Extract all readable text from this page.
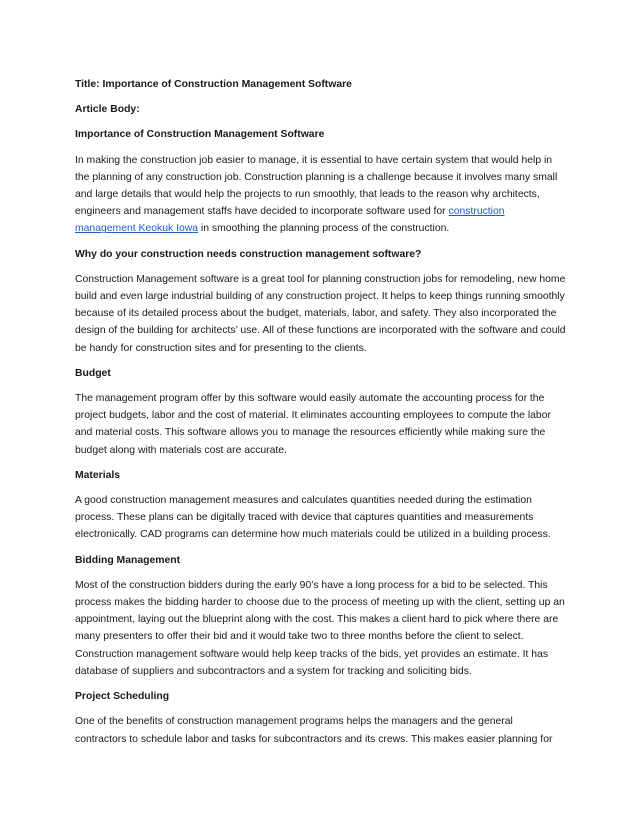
Title: Importance of Construction Management Software
Article Body:
Importance of Construction Management Software
In making the construction job easier to manage, it is essential to have certain system that would help in the planning of any construction job. Construction planning is a challenge because it involves many small and large details that would help the projects to run smoothly, that leads to the reason why architects, engineers and management staffs have decided to incorporate software used for construction management Keokuk Iowa in smoothing the planning process of the construction.
Why do your construction needs construction management software?
Construction Management software is a great tool for planning construction jobs for remodeling, new home build and even large industrial building of any construction project. It helps to keep things running smoothly because of its detailed process about the budget, materials, labor, and safety. They also incorporated the design of the building for architects’ use. All of these functions are incorporated with the software and could be handy for construction sites and for presenting to the clients.
Budget
The management program offer by this software would easily automate the accounting process for the project budgets, labor and the cost of material. It eliminates accounting employees to compute the labor and material costs. This software allows you to manage the resources efficiently while making sure the budget along with materials cost are accurate.
Materials
A good construction management measures and calculates quantities needed during the estimation process. These plans can be digitally traced with device that captures quantities and measurements electronically. CAD programs can determine how much materials could be utilized in a building process.
Bidding Management
Most of the construction bidders during the early 90’s have a long process for a bid to be selected. This process makes the bidding harder to choose due to the process of meeting up with the client, setting up an appointment, laying out the blueprint along with the cost. This makes a client hard to pick where there are many presenters to offer their bid and it would take two to three months before the client to select. Construction management software would help keep tracks of the bids, yet provides an estimate. It has database of suppliers and subcontractors and a system for tracking and soliciting bids.
Project Scheduling
One of the benefits of construction management programs helps the managers and the general contractors to schedule labor and tasks for subcontractors and its crews. This makes easier planning for
